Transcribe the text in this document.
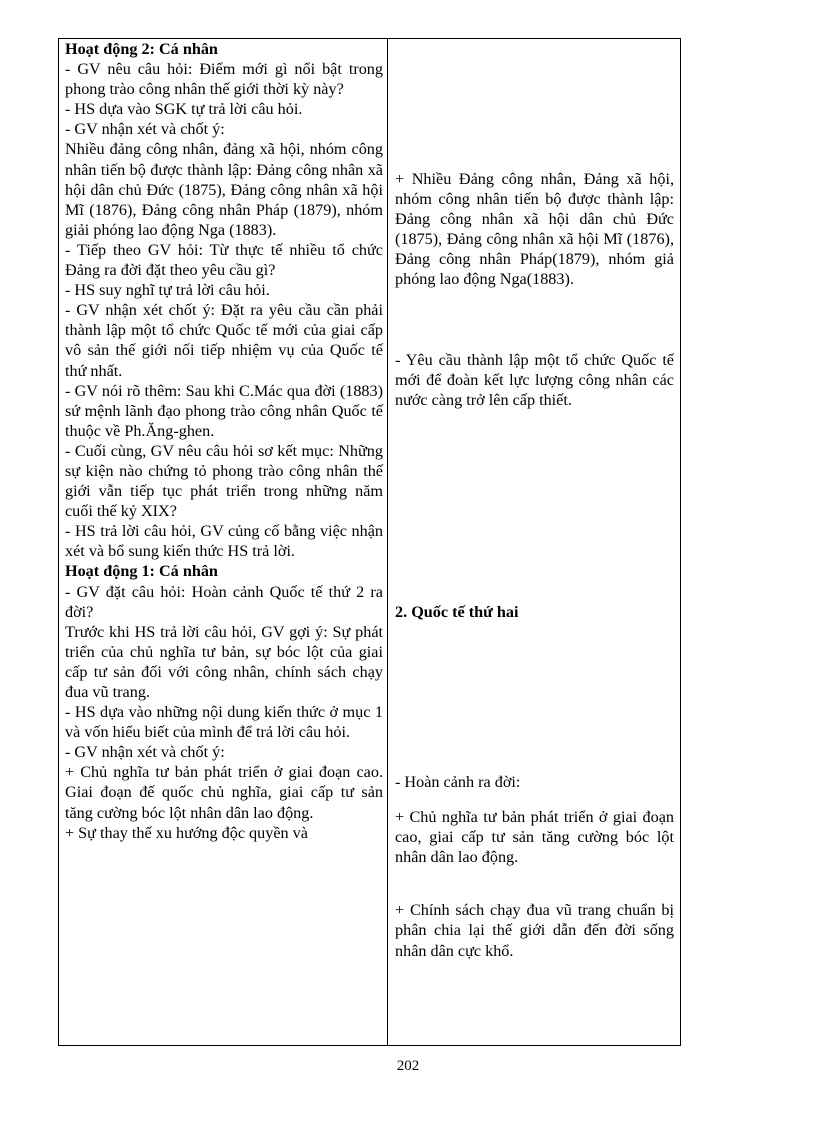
Hoạt động 2: Cá nhân

- GV nêu câu hỏi: Điểm mới gì nổi bật trong phong trào công nhân thế giới thời kỳ này?

- HS dựa vào SGK tự trả lời câu hỏi.

- GV nhận xét và chốt ý:

Nhiều đảng công nhân, đảng xã hội, nhóm công nhân tiến bộ được thành lập: Đảng công nhân xã hội dân chủ Đức (1875), Đảng công nhân xã hội Mĩ (1876), Đảng công nhân Pháp (1879), nhóm giải phóng lao động Nga (1883).

- Tiếp theo GV hỏi: Từ thực tế nhiều tổ chức Đảng ra đời đặt theo yêu cầu gì?

- HS suy nghĩ tự trả lời câu hỏi.

- GV nhận xét chốt ý: Đặt ra yêu cầu cần phải thành lập một tổ chức Quốc tế mới của giai cấp vô sản thế giới nối tiếp nhiệm vụ của Quốc tế thứ nhất.

- GV nói rõ thêm: Sau khi C.Mác qua đời (1883) sứ mệnh lãnh đạo phong trào công nhân Quốc tế thuộc về Ph.Ăng-ghen.

- Cuối cùng, GV nêu câu hỏi sơ kết mục: Những sự kiện nào chứng tỏ phong trào công nhân thế giới vẫn tiếp tục phát triển trong những năm cuối thế kỷ XIX?

- HS trả lời câu hỏi, GV củng cố bằng việc nhận xét và bổ sung kiến thức HS trả lời.

Hoạt động 1: Cá nhân

- GV đặt câu hỏi: Hoàn cảnh Quốc tế thứ 2 ra đời?

Trước khi HS trả lời câu hỏi, GV gợi ý: Sự phát triển của chủ nghĩa tư bản, sự bóc lột của giai cấp tư sản đối với công nhân, chính sách chạy đua vũ trang.

- HS dựa vào những nội dung kiến thức ở mục 1 và vốn hiểu biết của mình để trả lời câu hỏi.

- GV nhận xét và chốt ý:

+ Chủ nghĩa tư bản phát triển ở giai đoạn cao. Giai đoạn đế quốc chủ nghĩa, giai cấp tư sản tăng cường bóc lột nhân dân lao động.

+ Sự thay thế xu hướng độc quyền và

+ Nhiều Đảng công nhân, Đảng xã hội, nhóm công nhân tiến bộ được thành lập: Đảng công nhân xã hội dân chủ Đức (1875), Đảng công nhân xã hội Mĩ (1876), Đảng công nhân Pháp(1879), nhóm giả phóng lao động Nga(1883).

- Yêu cầu thành lập một tổ chức Quốc tế mới để đoàn kết lực lượng công nhân các nước càng trở lên cấp thiết.

2. Quốc tế thứ hai

- Hoàn cảnh ra đời:

+ Chủ nghĩa tư bản phát triển ở giai đoạn cao, giai cấp tư sản tăng cường bóc lột nhân dân lao động.

+ Chính sách chạy đua vũ trang chuẩn bị phân chia lại thế giới dẫn đến đời sống nhân dân cực khổ.

202
